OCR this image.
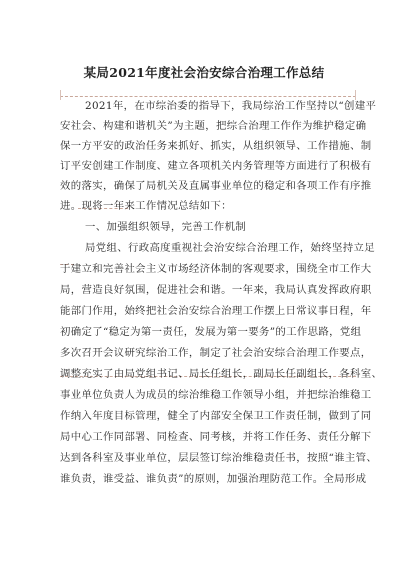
某局2021年度社会治安综合治理工作总结
2021年，在市综治委的指导下，我局综治工作坚持以“创建平
安社会、构建和谐机关”为主题，把综合治理工作作为维护稳定确
保一方平安的政治任务来抓好、抓实，从组织领导、工作措施、制
订平安创建工作制度、建立各项机关内务管理等方面进行了积极有
效的落实，确保了局机关及直属事业单位的稳定和各项工作有序推
进。现将一年来工作情况总结如下：
一、加强组织领导，完善工作机制
局党组、行政高度重视社会治安综合治理工作，始终坚持立足
于建立和完善社会主义市场经济体制的客观要求，围绕全市工作大
局，营造良好氛围，促进社会和谐。一年来，我局认真发挥政府职
能部门作用，始终把社会治安综合治理工作摆上日常议事日程，年
初确定了“稳定为第一责任，发展为第一要务”的工作思路，党组
多次召开会议研究综治工作，制定了社会治安综合治理工作要点，
调整充实了由局党组书记、局长任组长，副局长任副组长，各科室、
事业单位负责人为成员的综治维稳工作领导小组，并把综治维稳工
作纳入年度目标管理，健全了内部安全保卫工作责任制，做到了同
局中心工作同部署、同检查、同考核，并将工作任务、责任分解下
达到各科室及事业单位，层层签订综治维稳责任书，按照“谁主管、
谁负责，谁受益、谁负责”的原则，加强治理防范工作。全局形成
